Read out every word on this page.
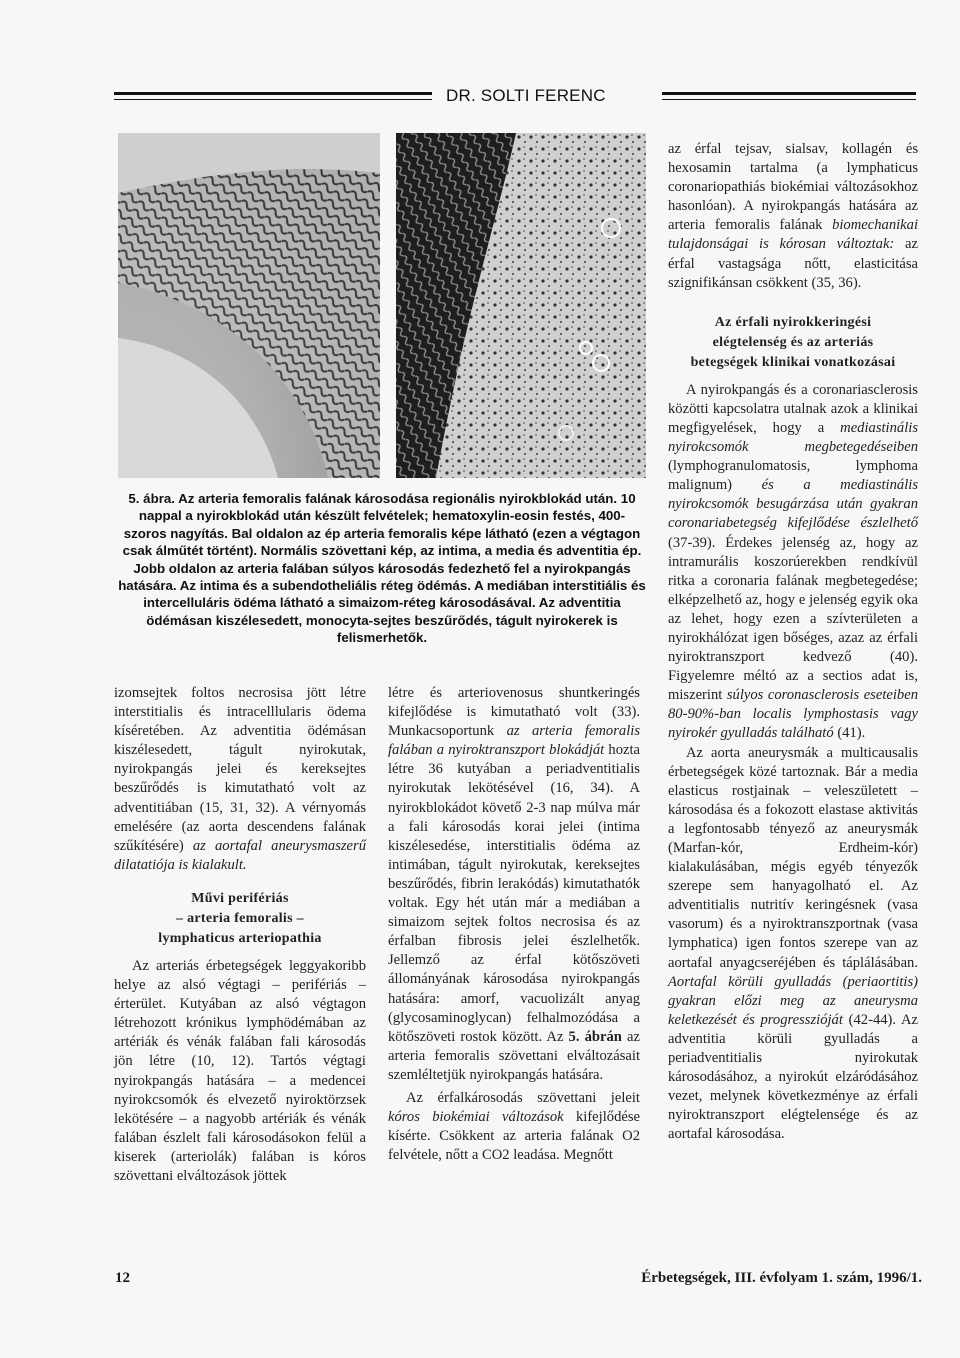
DR. SOLTI FERENC
5. ábra. Az arteria femoralis falának károsodása regionális nyirokblokád után. 10 nappal a nyirokblokád után készült felvételek; hematoxylin-eosin festés, 400-szoros nagyítás. Bal oldalon az ép arteria femoralis képe látható (ezen a végtagon csak álműtét történt). Normális szövettani kép, az intima, a media és adventitia ép. Jobb oldalon az arteria falában súlyos károsodás fedezhető fel a nyirokpangás hatására. Az intima és a subendotheliális réteg ödémás. A mediában interstitiális és intercelluláris ödéma látható a simaizom-réteg károsodásával. Az adventitia ödémásan kiszélesedett, monocyta-sejtes beszűrődés, tágult nyirokerek is felismerhetők.

izomsejtek foltos necrosisa jött létre interstitialis és intracelllularis ödema kíséretében. Az adventitia ödémásan kiszélesedett, tágult nyirokutak, nyirokpangás jelei és kereksejtes beszűrődés is kimutatható volt az adventitiában (15, 31, 32). A vérnyomás emelésére (az aorta descendens falának szűkítésére) az aortafal aneurysmaszerű dilatatiója is kialakult.

Művi perifériás
– arteria femoralis –
lymphaticus arteriopathia

Az arteriás érbetegségek leggyakoribb helye az alsó végtagi – perifériás – érterület. Kutyában az alsó végtagon létrehozott krónikus lymphödémában az artériák és vénák falában fali károsodás jön létre (10, 12). Tartós végtagi nyirokpangás hatására – a medencei nyirokcsomók és elvezető nyiroktörzsek lekötésére – a nagyobb artériák és vénák falában észlelt fali károsodásokon felül a kiserek (arteriolák) falában is kóros szövettani elváltozások jöttek

létre és arteriovenosus shuntkeringés kifejlődése is kimutatható volt (33). Munkacsoportunk az arteria femoralis falában a nyiroktranszport blokádját hozta létre 36 kutyában a periadventitialis nyirokutak lekötésével (16, 34). A nyirokblokádot követő 2-3 nap múlva már a fali károsodás korai jelei (intima kiszélesedése, interstitialis ödéma az intimában, tágult nyirokutak, kereksejtes beszűrődés, fibrin lerakódás) kimutathatók voltak. Egy hét után már a mediában a simaizom sejtek foltos necrosisa és az érfalban fibrosis jelei észlelhetők. Jellemző az érfal kötőszöveti állományának károsodása nyirokpangás hatására: amorf, vacuolizált anyag (glycosaminoglycan) felhalmozódása a kötőszöveti rostok között. Az 5. ábrán az arteria femoralis szövettani elváltozásait szemléltetjük nyirokpangás hatására.

Az érfalkárosodás szövettani jeleit kóros biokémiai változások kifejlődése kísérte. Csökkent az arteria falának O2 felvétele, nőtt a CO2 leadása. Megnőtt

az érfal tejsav, sialsav, kollagén és hexosamin tartalma (a lymphaticus coronariopathiás biokémiai változásokhoz hasonlóan). A nyirokpangás hatására az arteria femoralis falának biomechanikai tulajdonságai is kórosan változtak: az érfal vastagsága nőtt, elasticitása szignifikánsan csökkent (35, 36).

Az érfali nyirokkeringési
elégtelenség és az arteriás
betegségek klinikai vonatkozásai

A nyirokpangás és a coronariasclerosis közötti kapcsolatra utalnak azok a klinikai megfigyelések, hogy a mediastinális nyirokcsomók megbetegedéseiben (lymphogranulomatosis, lymphoma malignum) és a mediastinális nyirokcsomók besugárzása után gyakran coronariabetegség kifejlődése észlelhető (37-39). Érdekes jelenség az, hogy az intramurális koszorúerekben rendkívül ritka a coronaria falának megbetegedése; elképzelhető az, hogy e jelenség egyik oka az lehet, hogy ezen a szívterületen a nyirokhálózat igen bőséges, azaz az érfali nyiroktranszport kedvező (40). Figyelemre méltó az a sectios adat is, miszerint súlyos coronasclerosis eseteiben 80-90%-ban localis lymphostasis vagy nyirokér gyulladás található (41).

Az aorta aneurysmák a multicausalis érbetegségek közé tartoznak. Bár a media elasticus rostjainak – veleszületett – károsodása és a fokozott elastase aktivitás a legfontosabb tényező az aneurysmák (Marfan-kór, Erdheim-kór) kialakulásában, mégis egyéb tényezők szerepe sem hanyagolható el. Az adventitialis nutritív keringésnek (vasa vasorum) és a nyiroktranszportnak (vasa lymphatica) igen fontos szerepe van az aortafal anyagcseréjében és táplálásában. Aortafal körüli gyulladás (periaortitis) gyakran előzi meg az aneurysma keletkezését és progresszióját (42-44). Az adventitia körüli gyulladás a periadventitialis nyirokutak károsodásához, a nyirokút elzáródásához vezet, melynek következménye az érfali nyiroktranszport elégtelensége és az aortafal károsodása.

12	Érbetegségek, III. évfolyam 1. szám, 1996/1.
